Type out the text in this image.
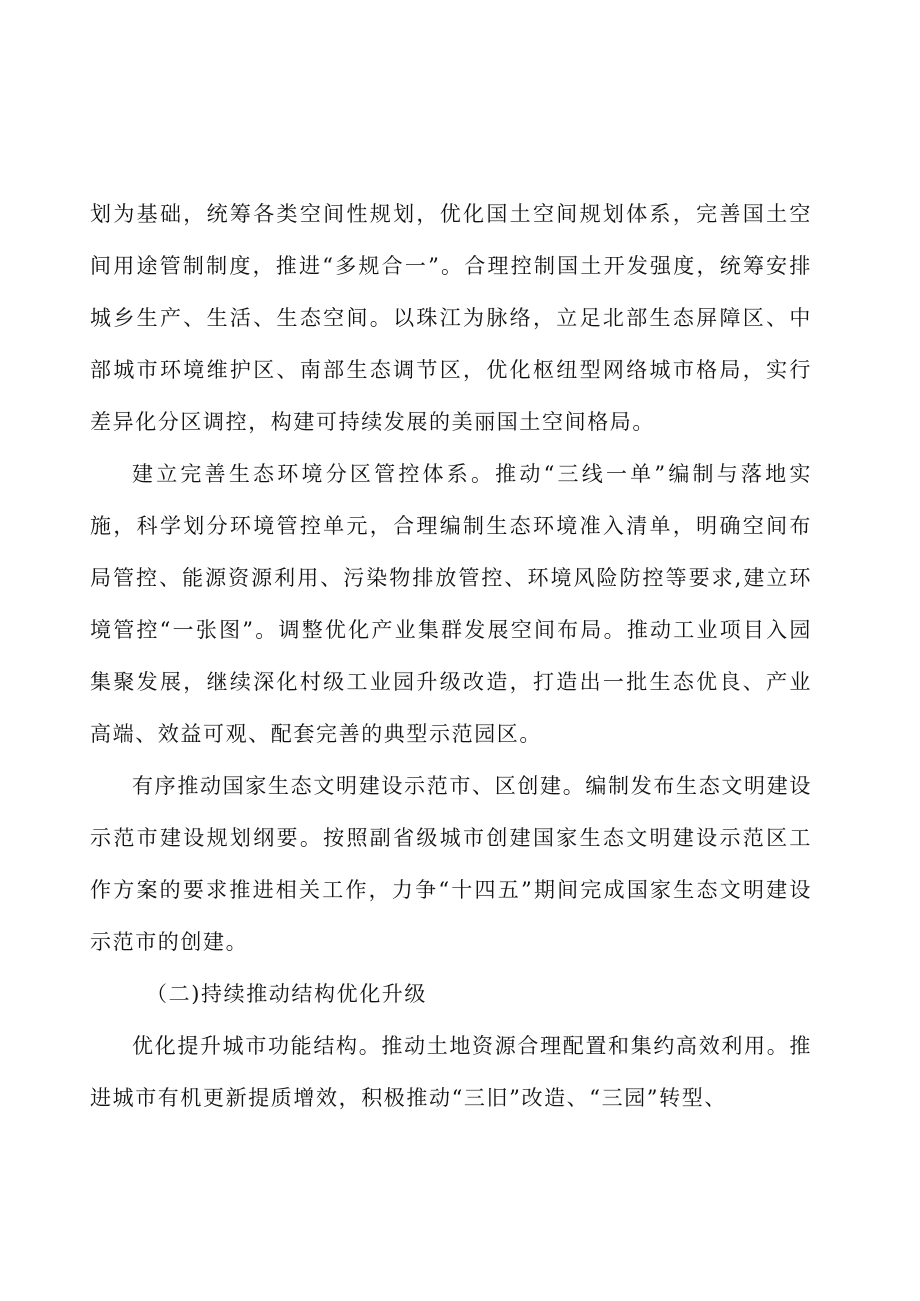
划为基础，统筹各类空间性规划，优化国土空间规划体系，完善国土空间用途管制制度，推进“多规合一”。合理控制国土开发强度，统筹安排城乡生产、生活、生态空间。以珠江为脉络，立足北部生态屏障区、中部城市环境维护区、南部生态调节区，优化枢纽型网络城市格局，实行差异化分区调控，构建可持续发展的美丽国土空间格局。

建立完善生态环境分区管控体系。推动“三线一单”编制与落地实施，科学划分环境管控单元，合理编制生态环境准入清单，明确空间布局管控、能源资源利用、污染物排放管控、环境风险防控等要求,建立环境管控“一张图”。调整优化产业集群发展空间布局。推动工业项目入园集聚发展，继续深化村级工业园升级改造，打造出一批生态优良、产业高端、效益可观、配套完善的典型示范园区。

有序推动国家生态文明建设示范市、区创建。编制发布生态文明建设示范市建设规划纲要。按照副省级城市创建国家生态文明建设示范区工作方案的要求推进相关工作，力争“十四五”期间完成国家生态文明建设示范市的创建。

（二)持续推动结构优化升级

优化提升城市功能结构。推动土地资源合理配置和集约高效利用。推进城市有机更新提质增效，积极推动“三旧”改造、“三园”转型、
